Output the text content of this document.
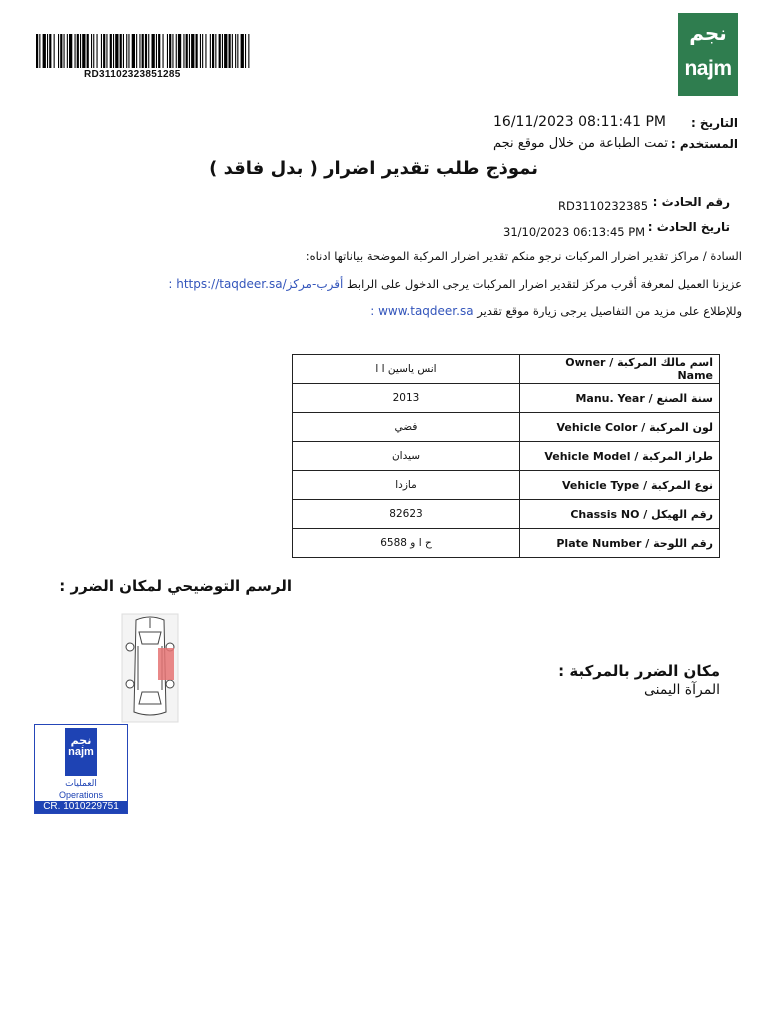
RD31102323851285
نجم
najm
التاريخ :
16/11/2023 08:11:41 PM
المستخدم :
تمت الطباعة من خلال موقع نجم
نموذج طلب تقدير اضرار ( بدل فاقد )
رقم الحادث :
RD3110232385
تاريخ الحادث :
31/10/2023 06:13:45 PM
السادة / مراكز تقدير اضرار المركبات نرجو منكم تقدير اضرار المركبة الموضحة بياناتها ادناه:
عزيزنا العميل لمعرفة أقرب مركز لتقدير اضرار المركبات يرجى الدخول على الرابط أقرب-مركز/https://taqdeer.sa :
وللإطلاع على مزيد من التفاصيل يرجى زيارة موقع تقدير www.taqdeer.sa :
انس ياسين ا ا	اسم مالك المركبة / Owner Name
2013	سنة الصنع / Manu. Year
فضي	لون المركبة / Vehicle Color
سيدان	طراز المركبة / Vehicle Model
مازدا	نوع المركبة / Vehicle Type
82623	رقم الهيكل / Chassis NO
6588 ح ا و	رقم اللوحة / Plate Number
الرسم التوضيحي لمكان الضرر :
مكان الضرر بالمركبة :
المرآة اليمنى
نجم
najm
العمليات
Operations
CR. 1010229751
